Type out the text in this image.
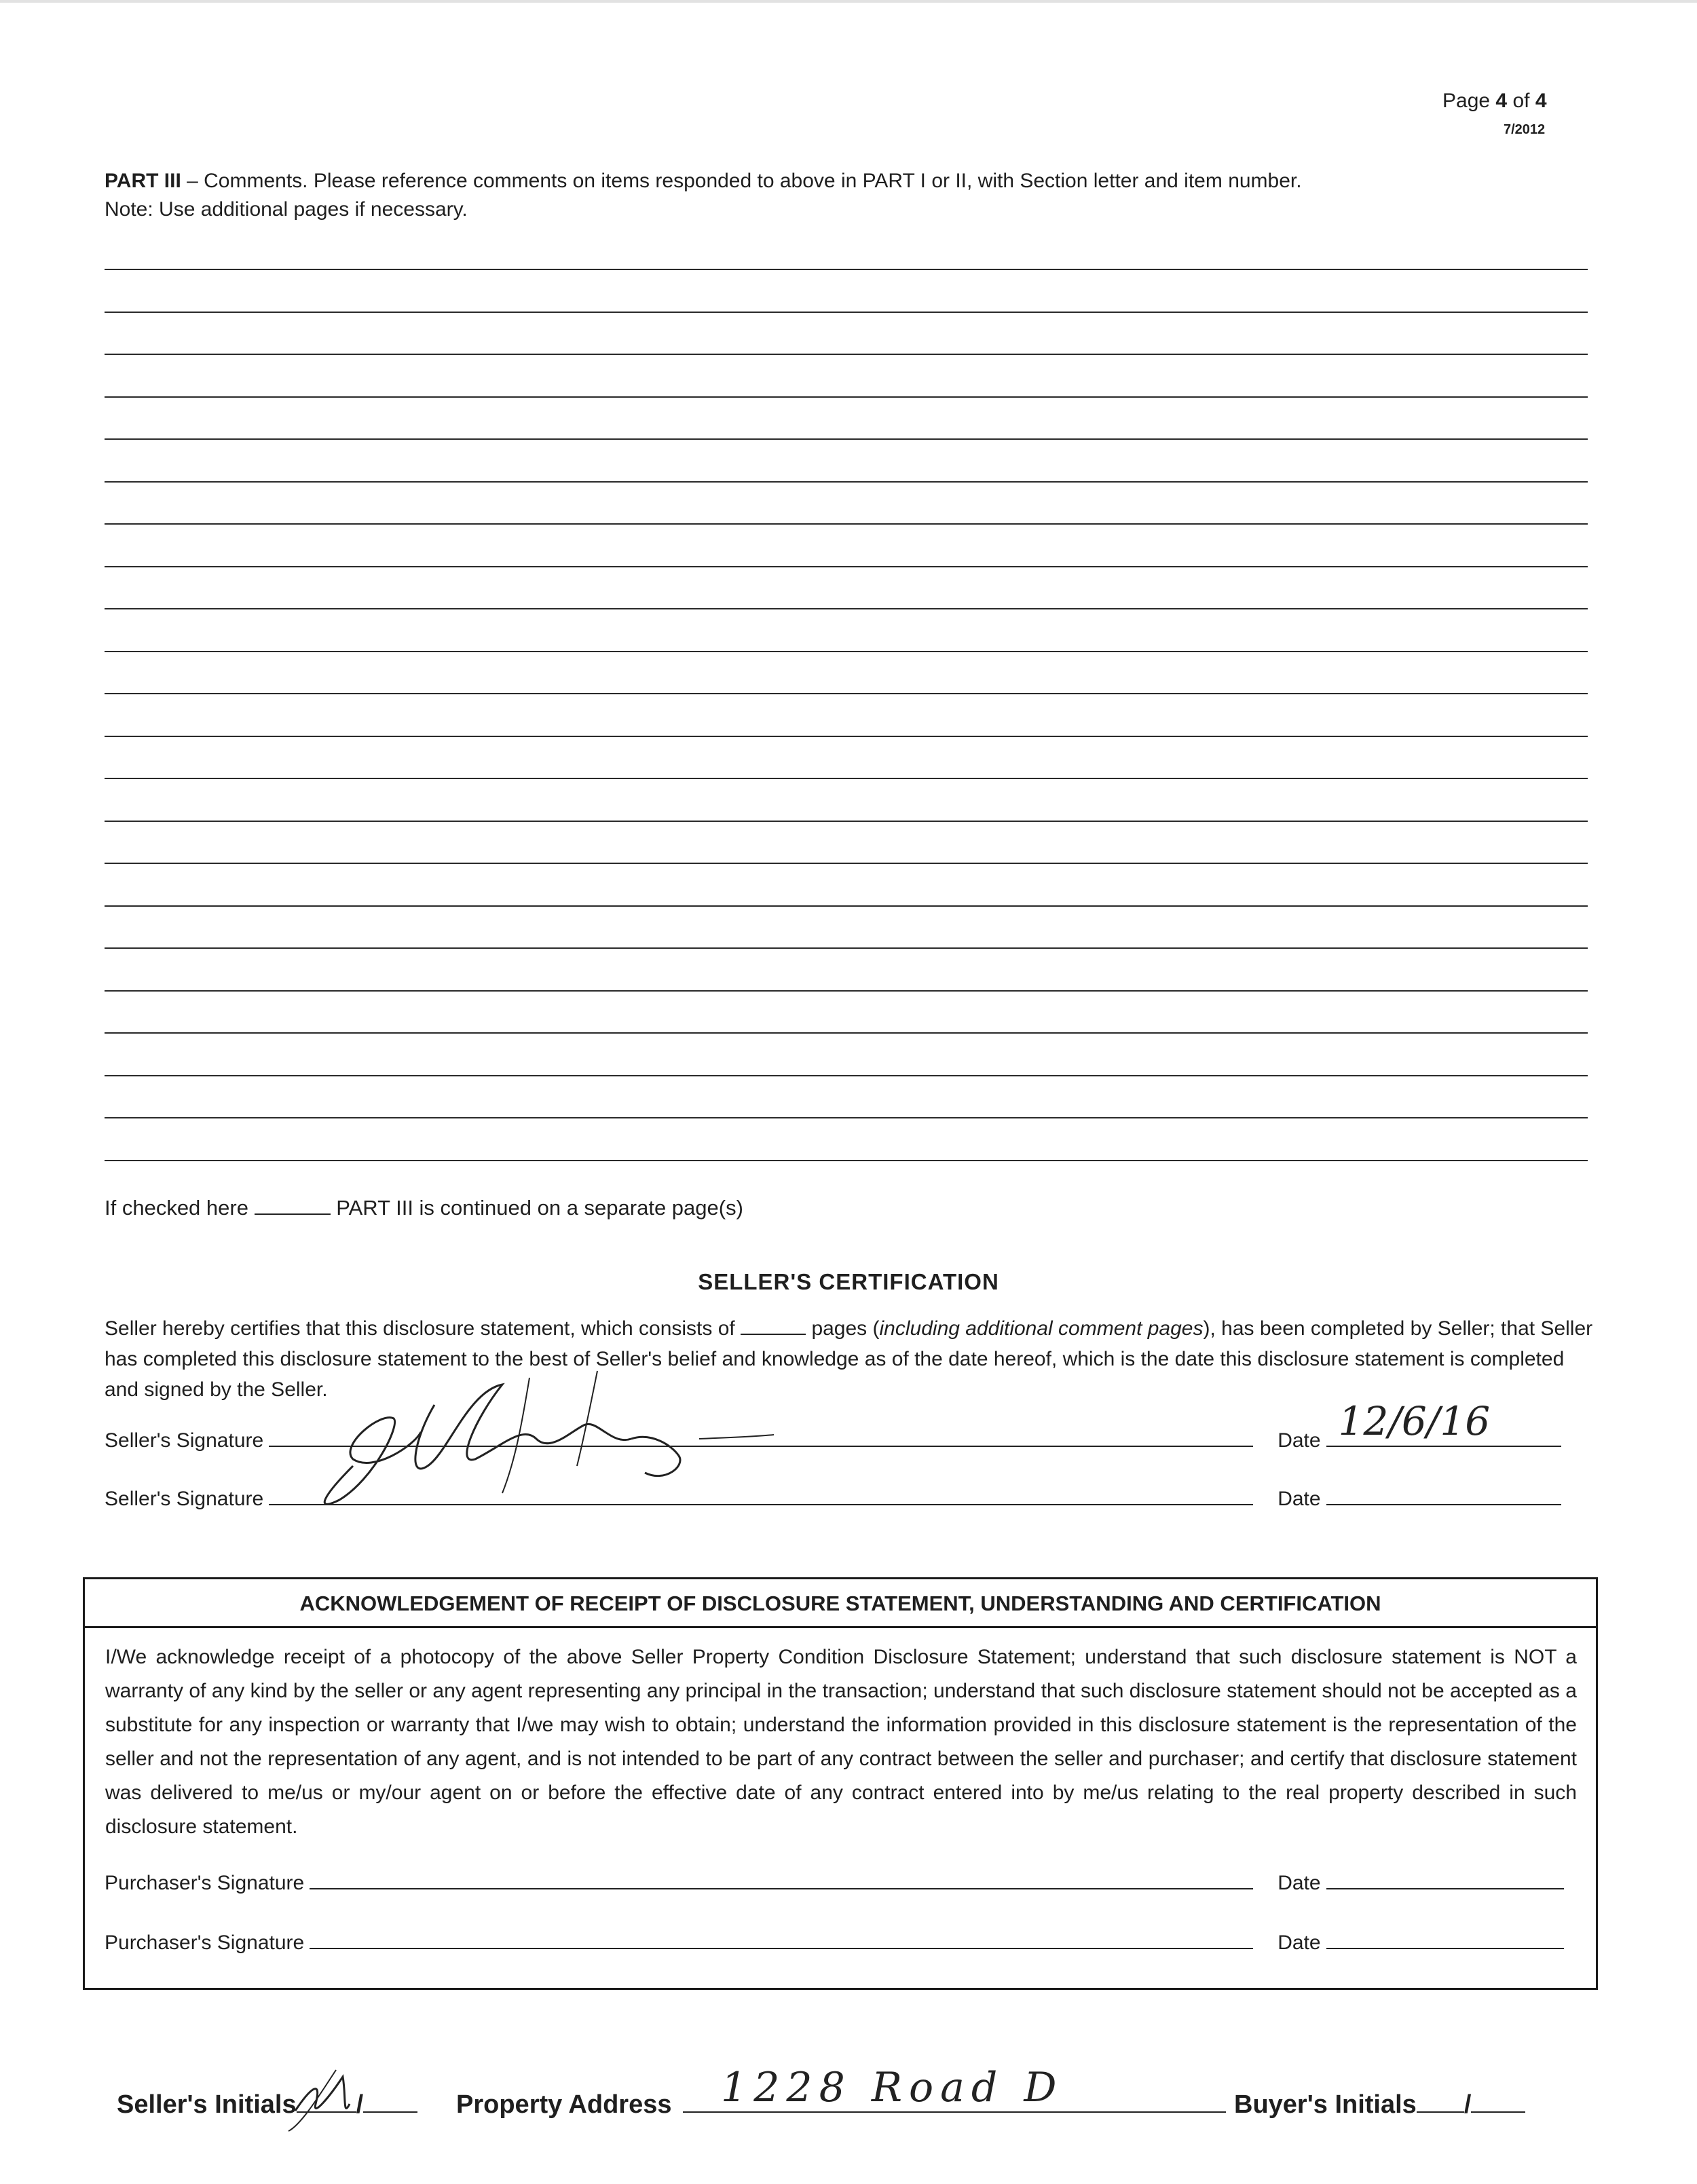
Page 4 of 4
7/2012
PART III – Comments. Please reference comments on items responded to above in PART I or II, with Section letter and item number.
Note: Use additional pages if necessary.
If checked here	PART III is continued on a separate page(s)
SELLER'S CERTIFICATION
Seller hereby certifies that this disclosure statement, which consists of	pages (including additional comment pages), has been completed by Seller; that Seller has completed this disclosure statement to the best of Seller's belief and knowledge as of the date hereof, which is the date this disclosure statement is completed and signed by the Seller.
Seller's Signature	Date 12/6/16
Seller's Signature	Date
ACKNOWLEDGEMENT OF RECEIPT OF DISCLOSURE STATEMENT, UNDERSTANDING AND CERTIFICATION
I/We acknowledge receipt of a photocopy of the above Seller Property Condition Disclosure Statement; understand that such disclosure statement is NOT a warranty of any kind by the seller or any agent representing any principal in the transaction; understand that such disclosure statement should not be accepted as a substitute for any inspection or warranty that I/we may wish to obtain; understand the information provided in this disclosure statement is the representation of the seller and not the representation of any agent, and is not intended to be part of any contract between the seller and purchaser; and certify that disclosure statement was delivered to me/us or my/our agent on or before the effective date of any contract entered into by me/us relating to the real property described in such disclosure statement.
Purchaser's Signature	Date
Purchaser's Signature	Date
Seller's Initials /	Property Address 1228 Road D	Buyer's Initials /
